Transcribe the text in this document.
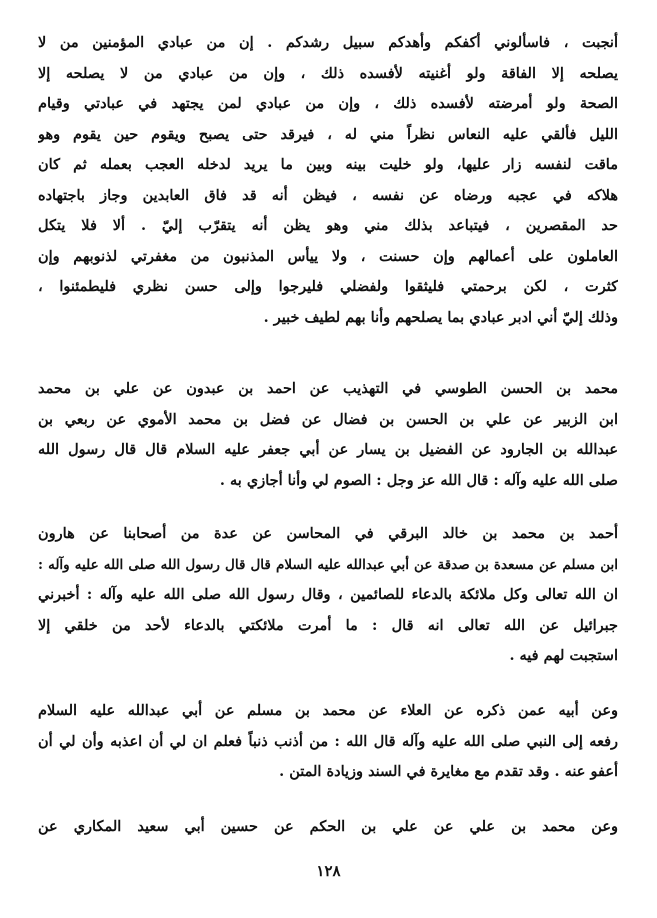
أنجبت ، فاسألوني أكفكم وأهدكم سبيل رشدكم . إن من عبادي المؤمنين من لا
يصلحه إلا الفاقة ولو أغنيته لأفسده ذلك ، وإن من عبادي من لا يصلحه إلا
الصحة ولو أمرضته لأفسده ذلك ، وإن من عبادي لمن يجتهد في عبادتي وقيام
الليل فألقي عليه النعاس نظراً مني له ، فيرقد حتى يصبح ويقوم حين يقوم وهو
ماقت لنفسه زار عليها، ولو خليت بينه وبين ما يريد لدخله العجب بعمله ثم كان
هلاكه في عجبه ورضاه عن نفسه ، فيظن أنه قد فاق العابدين وجاز باجتهاده
حد المقصرين ، فيتباعد بذلك مني وهو يظن أنه يتقرّب إليّ . ألا فلا يتكل
العاملون على أعمالهم وإن حسنت ، ولا ييأس المذنبون من مغفرتي لذنوبهم وإن
كثرت ، لكن برحمتي فليثقوا ولفضلي فليرجوا وإلى حسن نظري فليطمئنوا ،
وذلك إليّ أني ادبر عبادي بما يصلحهم وأنا بهم لطيف خبير .
محمد بن الحسن الطوسي في التهذيب عن احمد بن عبدون عن علي بن محمد
ابن الزبير عن علي بن الحسن بن فضال عن فضل بن محمد الأموي عن ربعي بن
عبدالله بن الجارود عن الفضيل بن يسار عن أبي جعفر عليه السلام قال قال رسول الله
صلى الله عليه وآله : قال الله عز وجل : الصوم لي وأنا أجازي به .
أحمد بن محمد بن خالد البرقي في المحاسن عن عدة من أصحابنا عن هارون
ابن مسلم عن مسعدة بن صدقة عن أبي عبدالله عليه السلام قال قال رسول الله صلى الله عليه وآله :
ان الله تعالى وكل ملائكة بالدعاء للصائمين ، وقال رسول الله صلى الله عليه وآله : أخبرني
جبرائيل عن الله تعالى انه قال : ما أمرت ملائكتي بالدعاء لأحد من خلقي إلا
استجبت لهم فيه .
وعن أبيه عمن ذكره عن العلاء عن محمد بن مسلم عن أبي عبدالله عليه السلام
رفعه إلى النبي صلى الله عليه وآله قال الله : من أذنب ذنباً فعلم ان لي أن اعذبه وأن لي أن
أعفو عنه . وقد تقدم مع مغايرة في السند وزيادة المتن .
وعن محمد بن علي عن علي بن الحكم عن حسين أبي سعيد المكاري عن
١٢٨
